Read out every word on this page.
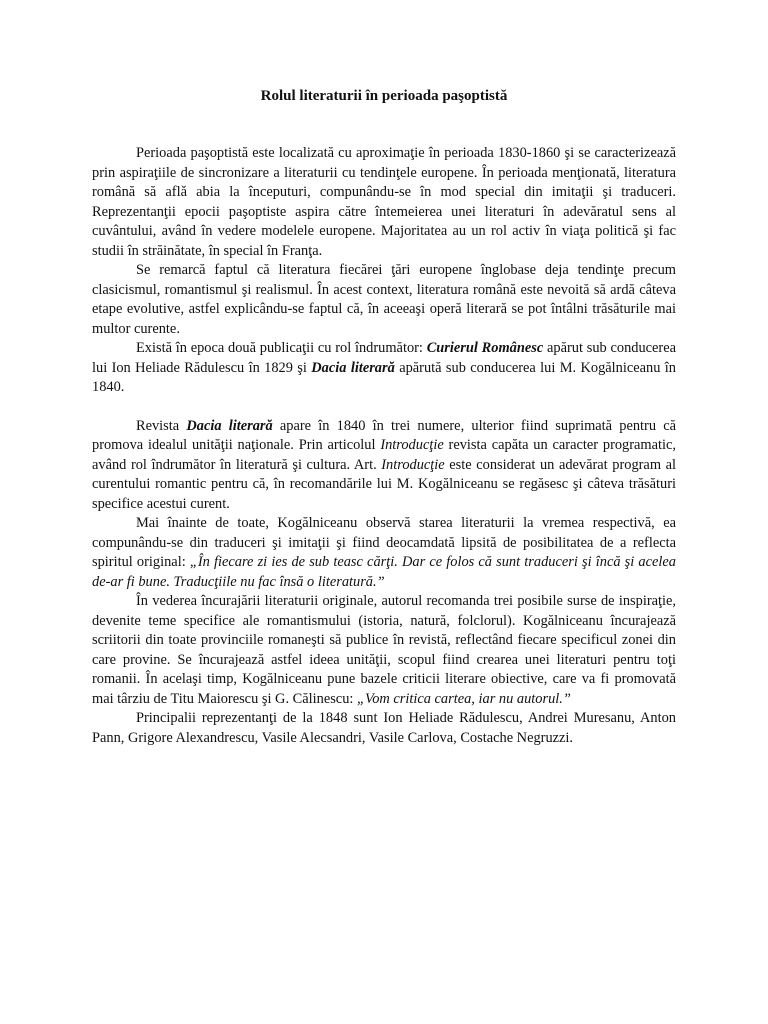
Rolul literaturii în perioada paşoptistă

Perioada paşoptistă este localizată cu aproximaţie în perioada 1830-1860 şi se caracterizează prin aspiraţiile de sincronizare a literaturii cu tendinţele europene. În perioada menţionată, literatura română să aflǎ abia la începuturi, compunându-se în mod special din imitaţii şi traduceri. Reprezentanţii epocii paşoptiste aspira către întemeierea unei literaturi în adevăratul sens al cuvântului, având în vedere modelele europene. Majoritatea au un rol activ în viaţa politică şi fac studii în străinătate, în special în Franţa.

Se remarcă faptul că literatura fiecărei ţări europene înglobase deja tendinţe precum clasicismul, romantismul şi realismul. În acest context, literatura română este nevoită să ardă câteva etape evolutive, astfel explicându-se faptul că, în aceeaşi operă literară se pot întâlni trăsăturile mai multor curente.

Există în epoca două publicaţii cu rol îndrumător: Curierul Românesc apărut sub conducerea lui Ion Heliade Rădulescu în 1829 şi Dacia literară apărută sub conducerea lui M. Kogălniceanu în 1840.

Revista Dacia literară apare în 1840 în trei numere, ulterior fiind suprimată pentru că promova idealul unităţii naţionale. Prin articolul Introducţie revista capăta un caracter programatic, având rol îndrumător în literatură şi cultura. Art. Introducţie este considerat un adevărat program al curentului romantic pentru că, în recomandările lui M. Kogălniceanu se regăsesc şi câteva trăsături specifice acestui curent.

Mai înainte de toate, Kogălniceanu observă starea literaturii la vremea respectivă, ea compunându-se din traduceri şi imitaţii şi fiind deocamdată lipsită de posibilitatea de a reflecta spiritul original: „În fiecare zi ies de sub teasc cărţi. Dar ce folos că sunt traduceri şi încă şi acelea de-ar fi bune. Traducţiile nu fac însă o literatură.”

În vederea încurajării literaturii originale, autorul recomanda trei posibile surse de inspiraţie, devenite teme specifice ale romantismului (istoria, natură, folclorul). Kogălniceanu încurajează scriitorii din toate provinciile romaneşti să publice în revistă, reflectând fiecare specificul zonei din care provine. Se încurajează astfel ideea unităţii, scopul fiind crearea unei literaturi pentru toţi romanii. În acelaşi timp, Kogălniceanu pune bazele criticii literare obiective, care va fi promovată mai târziu de Titu Maiorescu şi G. Călinescu: „Vom critica cartea, iar nu autorul.”

Principalii reprezentanţi de la 1848 sunt Ion Heliade Rădulescu, Andrei Muresanu, Anton Pann, Grigore Alexandrescu, Vasile Alecsandri, Vasile Carlova, Costache Negruzzi.
